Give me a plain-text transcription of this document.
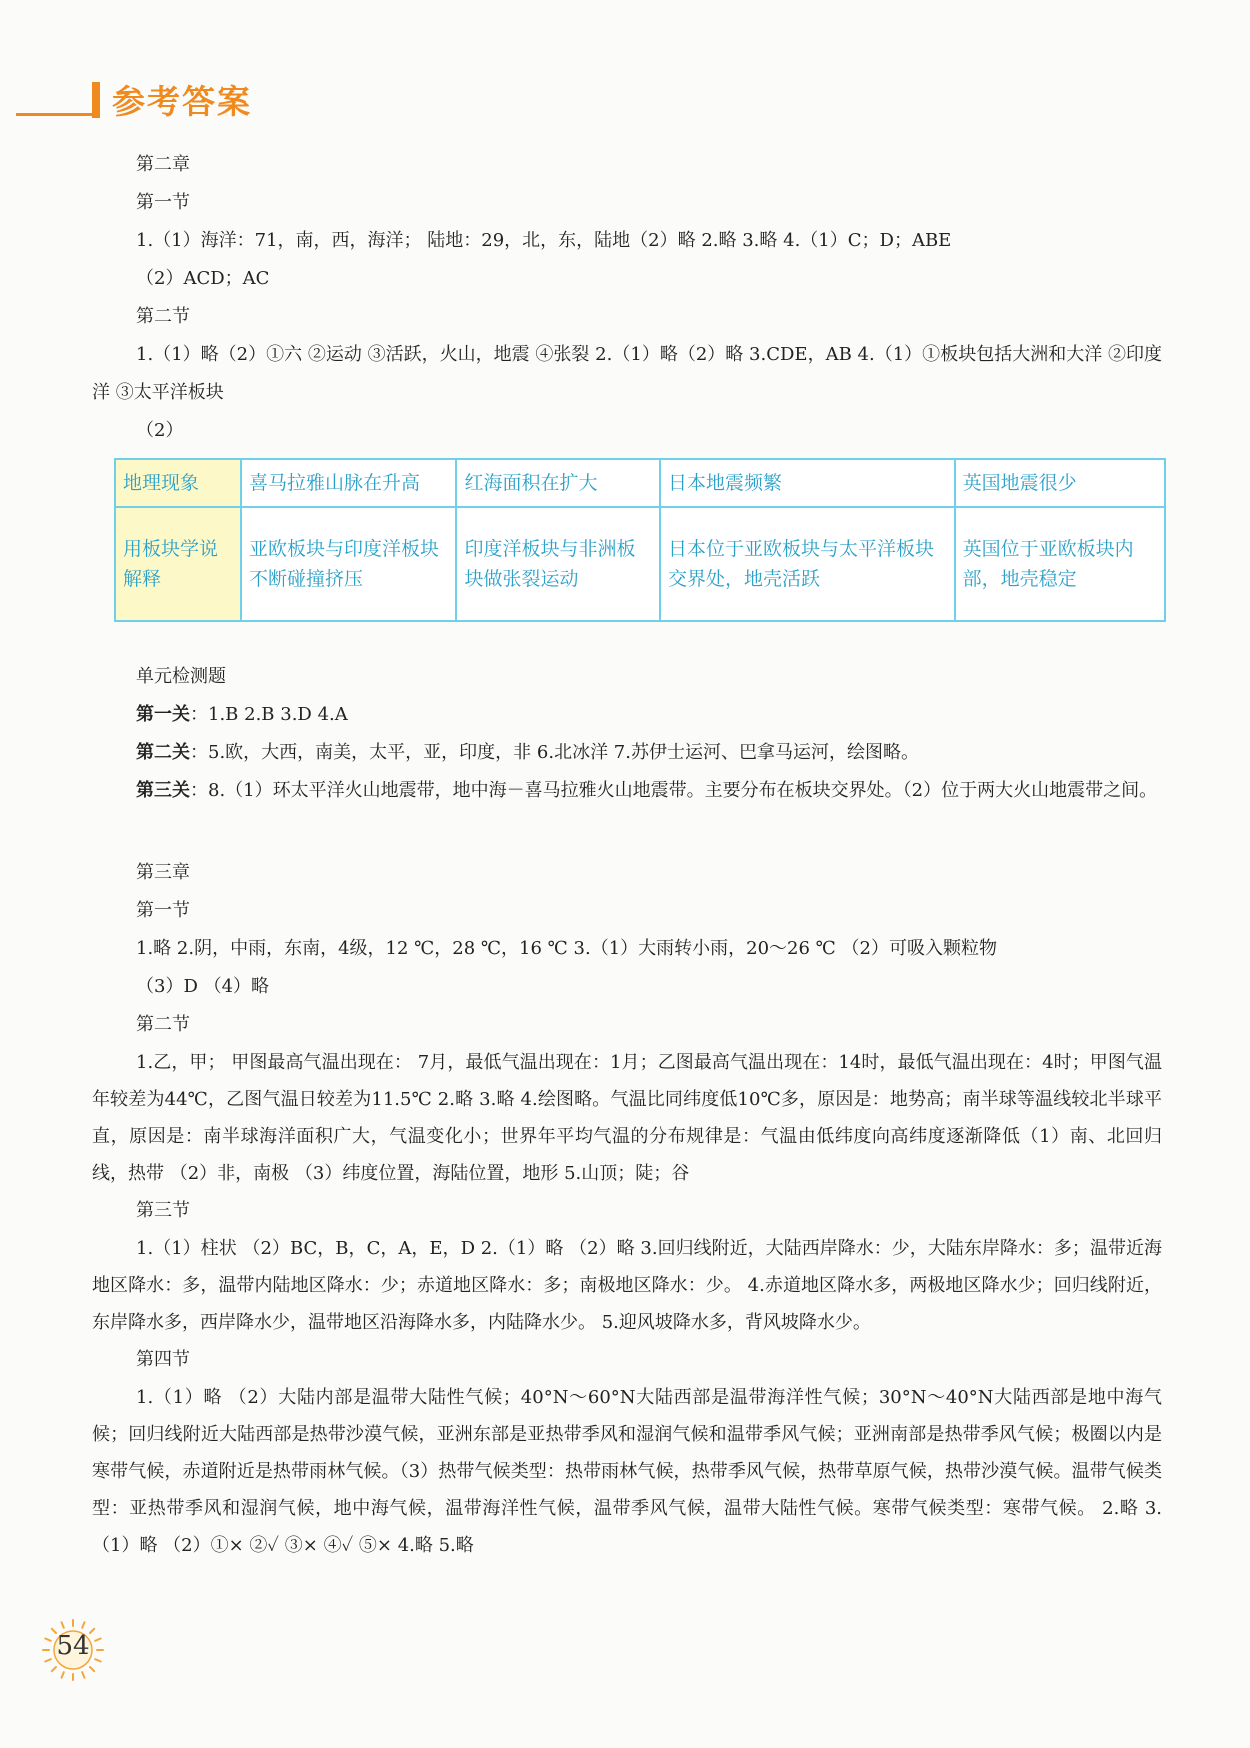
参考答案
第二章
第一节
1.（1）海洋：71，南，西，海洋； 陆地：29，北，东，陆地（2）略 2.略 3.略 4.（1）C；D；ABE
（2）ACD；AC
第二节
1.（1）略（2）①六 ②运动 ③活跃，火山，地震 ④张裂 2.（1）略（2）略 3.CDE，AB 4.（1）①板块包括大洲和大洋 ②印度洋 ③太平洋板块
（2）
地理现象	喜马拉雅山脉在升高	红海面积在扩大	日本地震频繁	英国地震很少
用板块学说解释	亚欧板块与印度洋板块不断碰撞挤压	印度洋板块与非洲板块做张裂运动	日本位于亚欧板块与太平洋板块交界处，地壳活跃	英国位于亚欧板块内部，地壳稳定
单元检测题
第一关：1.B 2.B 3.D 4.A
第二关：5.欧，大西，南美，太平，亚，印度，非 6.北冰洋 7.苏伊士运河、巴拿马运河，绘图略。
第三关：8.（1）环太平洋火山地震带，地中海－喜马拉雅火山地震带。主要分布在板块交界处。（2）位于两大火山地震带之间。
第三章
第一节
1.略 2.阴，中雨，东南，4级，12 ℃，28 ℃，16 ℃ 3.（1）大雨转小雨，20～26 ℃ （2）可吸入颗粒物
（3）D （4）略
第二节
1.乙，甲； 甲图最高气温出现在： 7月，最低气温出现在：1月；乙图最高气温出现在：14时，最低气温出现在：4时；甲图气温年较差为44℃，乙图气温日较差为11.5℃ 2.略 3.略 4.绘图略。气温比同纬度低10℃多，原因是：地势高；南半球等温线较北半球平直，原因是：南半球海洋面积广大，气温变化小；世界年平均气温的分布规律是：气温由低纬度向高纬度逐渐降低（1）南、北回归线，热带 （2）非，南极 （3）纬度位置，海陆位置，地形 5.山顶；陡；谷
第三节
1.（1）柱状 （2）BC，B，C，A，E，D 2.（1）略 （2）略 3.回归线附近，大陆西岸降水：少，大陆东岸降水：多；温带近海地区降水：多，温带内陆地区降水：少；赤道地区降水：多；南极地区降水：少。 4.赤道地区降水多，两极地区降水少；回归线附近，东岸降水多，西岸降水少，温带地区沿海降水多，内陆降水少。 5.迎风坡降水多，背风坡降水少。
第四节
1.（1）略 （2）大陆内部是温带大陆性气候；40°N～60°N大陆西部是温带海洋性气候；30°N～40°N大陆西部是地中海气候；回归线附近大陆西部是热带沙漠气候，亚洲东部是亚热带季风和湿润气候和温带季风气候；亚洲南部是热带季风气候；极圈以内是寒带气候，赤道附近是热带雨林气候。（3）热带气候类型：热带雨林气候，热带季风气候，热带草原气候，热带沙漠气候。温带气候类型：亚热带季风和湿润气候，地中海气候，温带海洋性气候，温带季风气候，温带大陆性气候。寒带气候类型：寒带气候。 2.略 3.（1）略 （2）①× ②✓ ③× ④✓ ⑤× 4.略 5.略
54
